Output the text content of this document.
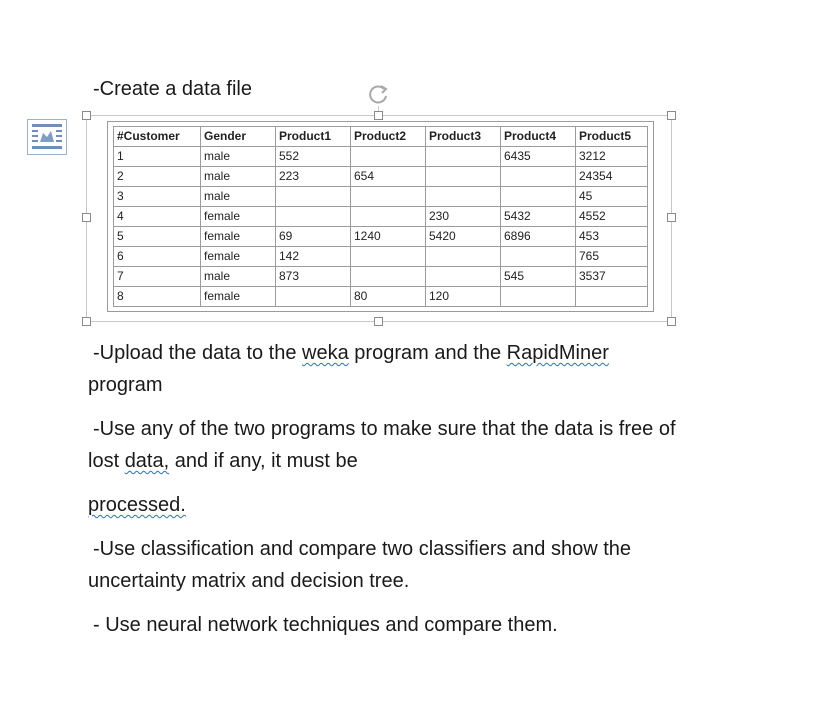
-Create a data file
#Customer	Gender	Product1	Product2	Product3	Product4	Product5
1	male	552			6435	3212
2	male	223	654			24354
3	male					45
4	female			230	5432	4552
5	female	69	1240	5420	6896	453
6	female	142				765
7	male	873			545	3537
8	female		80	120		
-Upload the data to the weka program and the RapidMiner
program
-Use any of the two programs to make sure that the data is free of
lost data, and if any, it must be
processed.
-Use classification and compare two classifiers and show the
uncertainty matrix and decision tree.
- Use neural network techniques and compare them.
